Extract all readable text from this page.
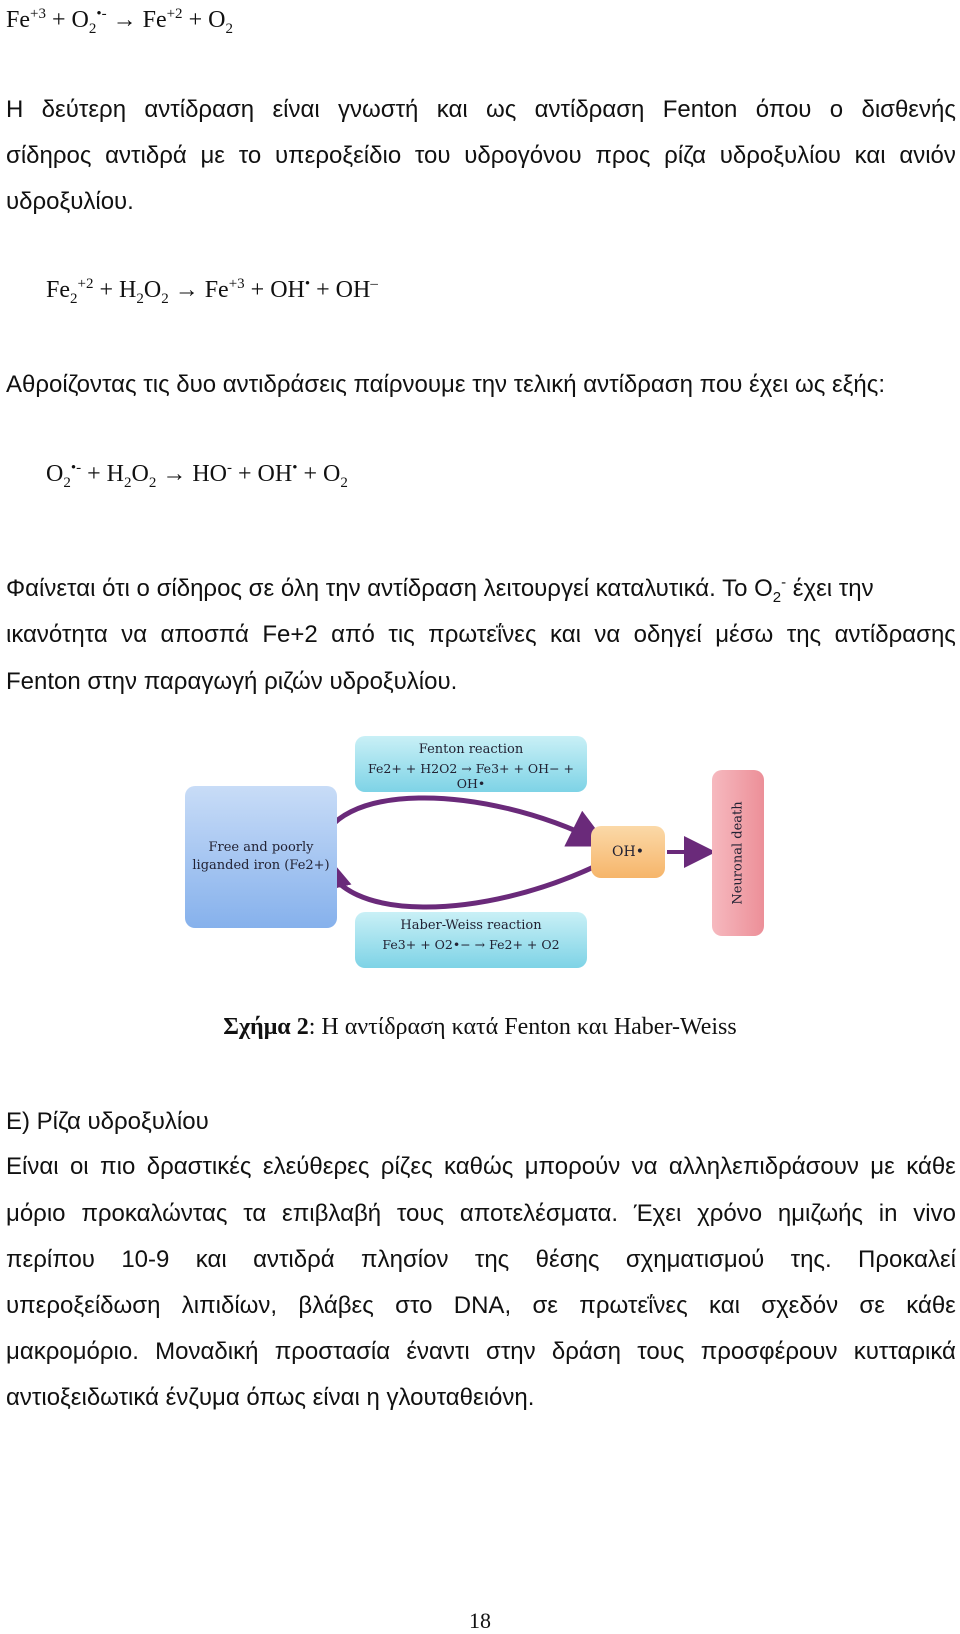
$Fe^{+3} + O_2^{•-} \to Fe^{+2} + O_2$
Η δεύτερη αντίδραση είναι γνωστή και ως αντίδραση Fenton όπου ο δισθενής
σίδηρος αντιδρά με το υπεροξείδιο του υδρογόνου προς ρίζα υδροξυλίου και ανιόν
υδροξυλίου.
$Fe_2^{+2} + H_2O_2 \to Fe^{+3} + OH^• + OH^-$
Αθροίζοντας τις δυο αντιδράσεις παίρνουμε την τελική αντίδραση που έχει ως εξής:
$O_2^{•-} + H_2O_2 \to HO^- + OH^• + O_2$
Φαίνεται ότι ο σίδηρος σε όλη την αντίδραση λειτουργεί καταλυτικά. Το $O_2^-$ έχει την
ικανότητα να αποσπά Fe+2 από τις πρωτεΐνες και να οδηγεί μέσω της αντίδρασης
Fenton στην παραγωγή ριζών υδροξυλίου.
Fenton reaction
Fe2+ + H2O2 → Fe3+ + OH− + OH•
Free and poorly
liganded iron (Fe2+)
OH•	Neuronal death
Haber-Weiss reaction
Fe3+ + O2•− → Fe2+ + O2
Σχήμα 2: Η αντίδραση κατά Fenton και Haber-Weiss
Ε) Ρίζα υδροξυλίου
Είναι οι πιο δραστικές ελεύθερες ρίζες καθώς μπορούν να αλληλεπιδράσουν με κάθε
μόριο προκαλώντας τα επιβλαβή τους αποτελέσματα. Έχει χρόνο ημιζωής in vivo
περίπου 10-9 και αντιδρά πλησίον της θέσης σχηματισμού της. Προκαλεί
υπεροξείδωση λιπιδίων, βλάβες στο DNA, σε πρωτεΐνες και σχεδόν σε κάθε
μακρομόριο. Μοναδική προστασία έναντι στην δράση τους προσφέρουν κυτταρικά
αντιοξειδωτικά ένζυμα όπως είναι η γλουταθειόνη.
18
